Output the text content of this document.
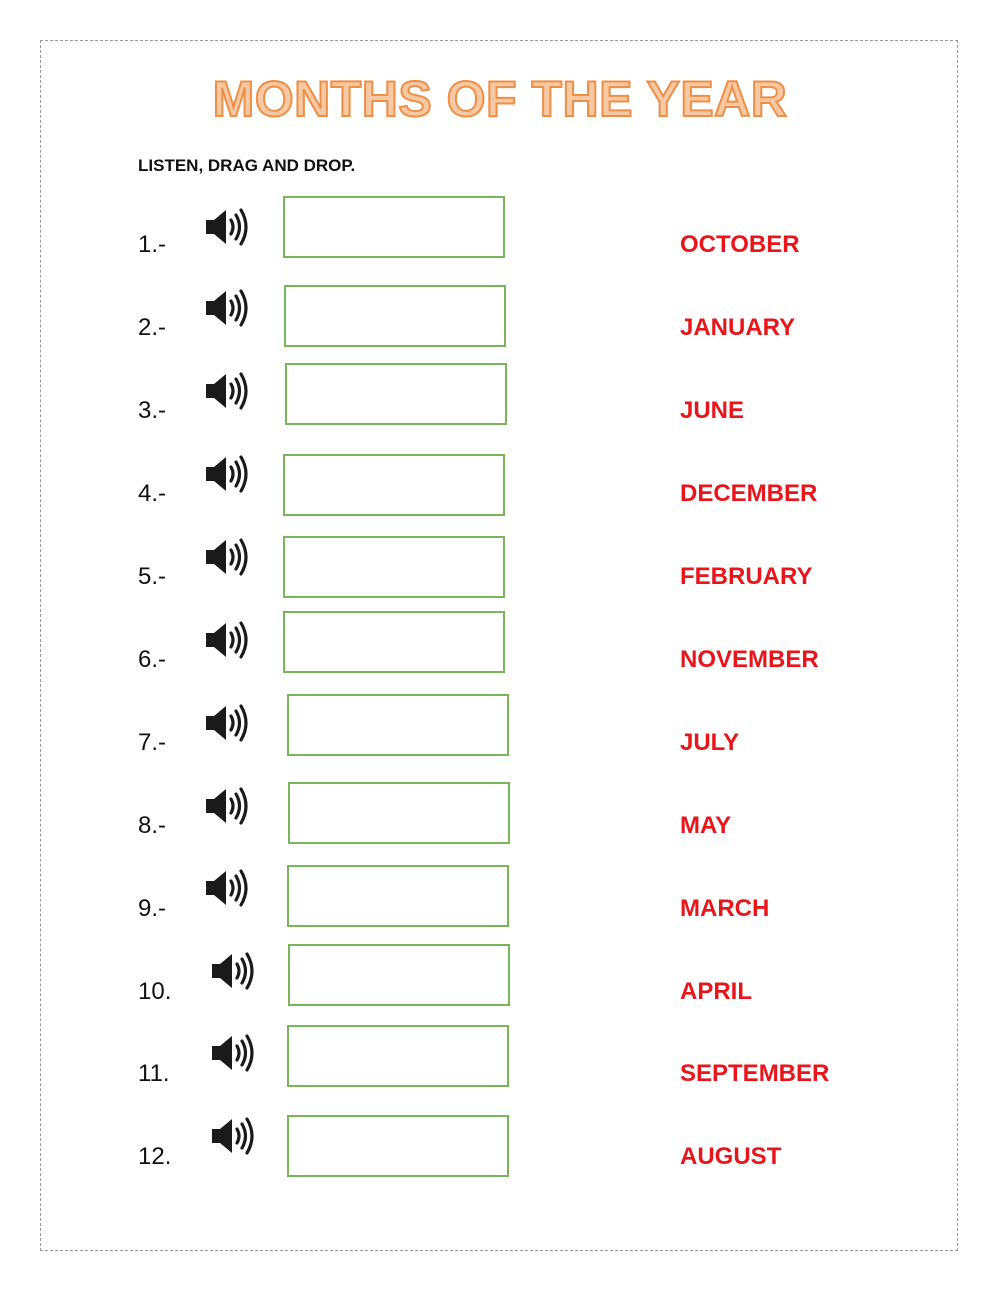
MONTHS OF THE YEAR
LISTEN, DRAG AND DROP.
1.-	OCTOBER
2.-	JANUARY
3.-	JUNE
4.-	DECEMBER
5.-	FEBRUARY
6.-	NOVEMBER
7.-	JULY
8.-	MAY
9.-	MARCH
10.	APRIL
11.	SEPTEMBER
12.	AUGUST
